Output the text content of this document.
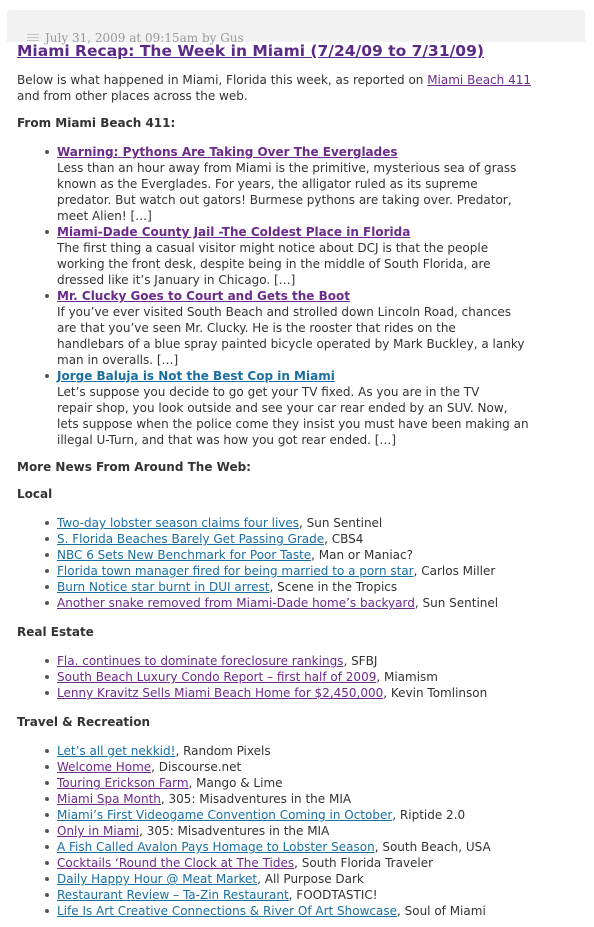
July 31, 2009 at 09:15am by Gus
Miami Recap: The Week in Miami (7/24/09 to 7/31/09)

Below is what happened in Miami, Florida this week, as reported on Miami Beach 411
and from other places across the web.

From Miami Beach 411:
Warning: Pythons Are Taking Over The Everglades
Less than an hour away from Miami is the primitive, mysterious sea of grass
known as the Everglades. For years, the alligator ruled as its supreme
predator. But watch out gators! Burmese pythons are taking over. Predator,
meet Alien! […]
Miami-Dade County Jail -The Coldest Place in Florida
The first thing a casual visitor might notice about DCJ is that the people
working the front desk, despite being in the middle of South Florida, are
dressed like it’s January in Chicago. […]
Mr. Clucky Goes to Court and Gets the Boot
If you’ve ever visited South Beach and strolled down Lincoln Road, chances
are that you’ve seen Mr. Clucky. He is the rooster that rides on the
handlebars of a blue spray painted bicycle operated by Mark Buckley, a lanky
man in overalls. […]
Jorge Baluja is Not the Best Cop in Miami
Let’s suppose you decide to go get your TV fixed. As you are in the TV
repair shop, you look outside and see your car rear ended by an SUV. Now,
lets suppose when the police come they insist you must have been making an
illegal U-Turn, and that was how you got rear ended. […]
More News From Around The Web:
Local
Two-day lobster season claims four lives, Sun Sentinel
S. Florida Beaches Barely Get Passing Grade, CBS4
NBC 6 Sets New Benchmark for Poor Taste, Man or Maniac?
Florida town manager fired for being married to a porn star, Carlos Miller
Burn Notice star burnt in DUI arrest, Scene in the Tropics
Another snake removed from Miami-Dade home’s backyard, Sun Sentinel
Real Estate
Fla. continues to dominate foreclosure rankings, SFBJ
South Beach Luxury Condo Report – first half of 2009, Miamism
Lenny Kravitz Sells Miami Beach Home for $2,450,000, Kevin Tomlinson
Travel & Recreation
Let’s all get nekkid!, Random Pixels
Welcome Home, Discourse.net
Touring Erickson Farm, Mango & Lime
Miami Spa Month, 305: Misadventures in the MIA
Miami’s First Videogame Convention Coming in October, Riptide 2.0
Only in Miami, 305: Misadventures in the MIA
A Fish Called Avalon Pays Homage to Lobster Season, South Beach, USA
Cocktails ‘Round the Clock at The Tides, South Florida Traveler
Daily Happy Hour @ Meat Market, All Purpose Dark
Restaurant Review – Ta-Zin Restaurant, FOODTASTIC!
Life Is Art Creative Connections & River Of Art Showcase, Soul of Miami
